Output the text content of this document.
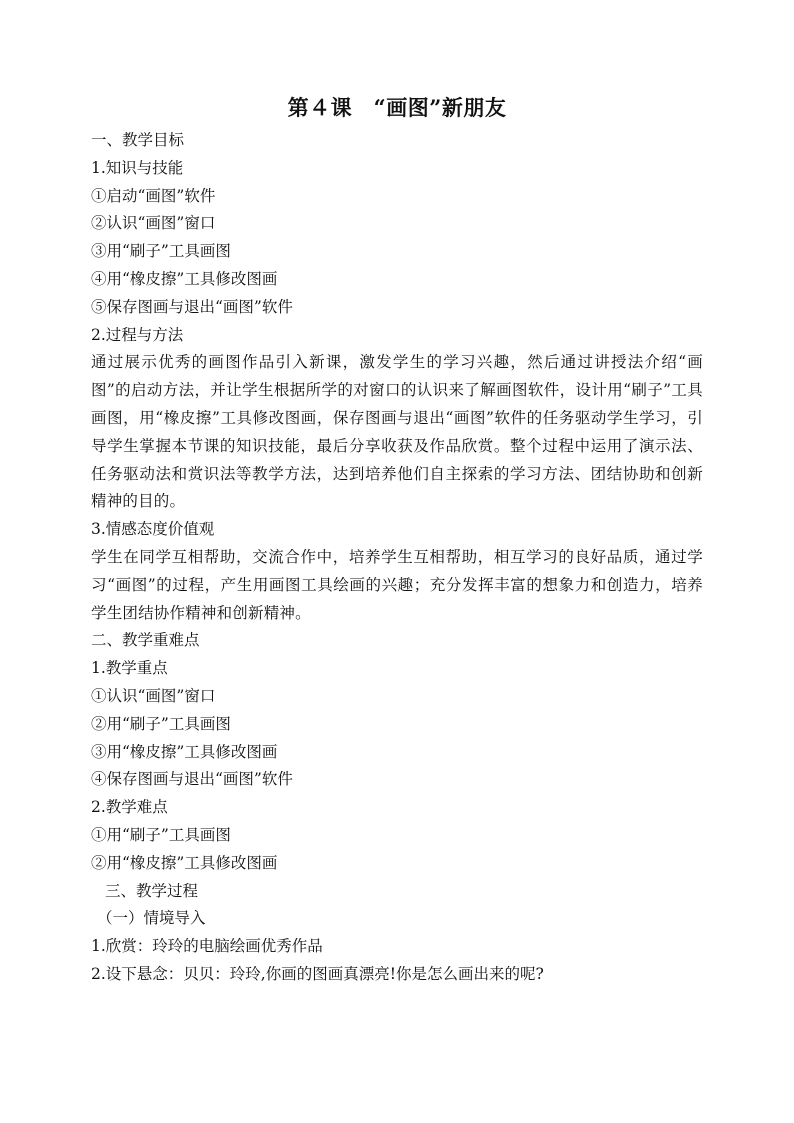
第４课　“画图”新朋友

一、教学目标

1.知识与技能

①启动“画图”软件

②认识“画图”窗口

③用“刷子”工具画图

④用“橡皮擦”工具修改图画

⑤保存图画与退出“画图”软件

2.过程与方法

通过展示优秀的画图作品引入新课，激发学生的学习兴趣，然后通过讲授法介绍“画图”的启动方法，并让学生根据所学的对窗口的认识来了解画图软件，设计用“刷子”工具画图，用“橡皮擦”工具修改图画，保存图画与退出“画图”软件的任务驱动学生学习，引导学生掌握本节课的知识技能，最后分享收获及作品欣赏。整个过程中运用了演示法、任务驱动法和赏识法等教学方法，达到培养他们自主探索的学习方法、团结协助和创新精神的目的。

3.情感态度价值观

学生在同学互相帮助，交流合作中，培养学生互相帮助，相互学习的良好品质，通过学习“画图”的过程，产生用画图工具绘画的兴趣；充分发挥丰富的想象力和创造力，培养学生团结协作精神和创新精神。

二、教学重难点

1.教学重点

①认识“画图”窗口

②用“刷子”工具画图

③用“橡皮擦”工具修改图画

④保存图画与退出“画图”软件

2.教学难点

①用“刷子”工具画图

②用“橡皮擦”工具修改图画

三、教学过程

（一）情境导入

1.欣赏：玲玲的电脑绘画优秀作品

2.设下悬念：贝贝：玲玲,你画的图画真漂亮!你是怎么画出来的呢?
